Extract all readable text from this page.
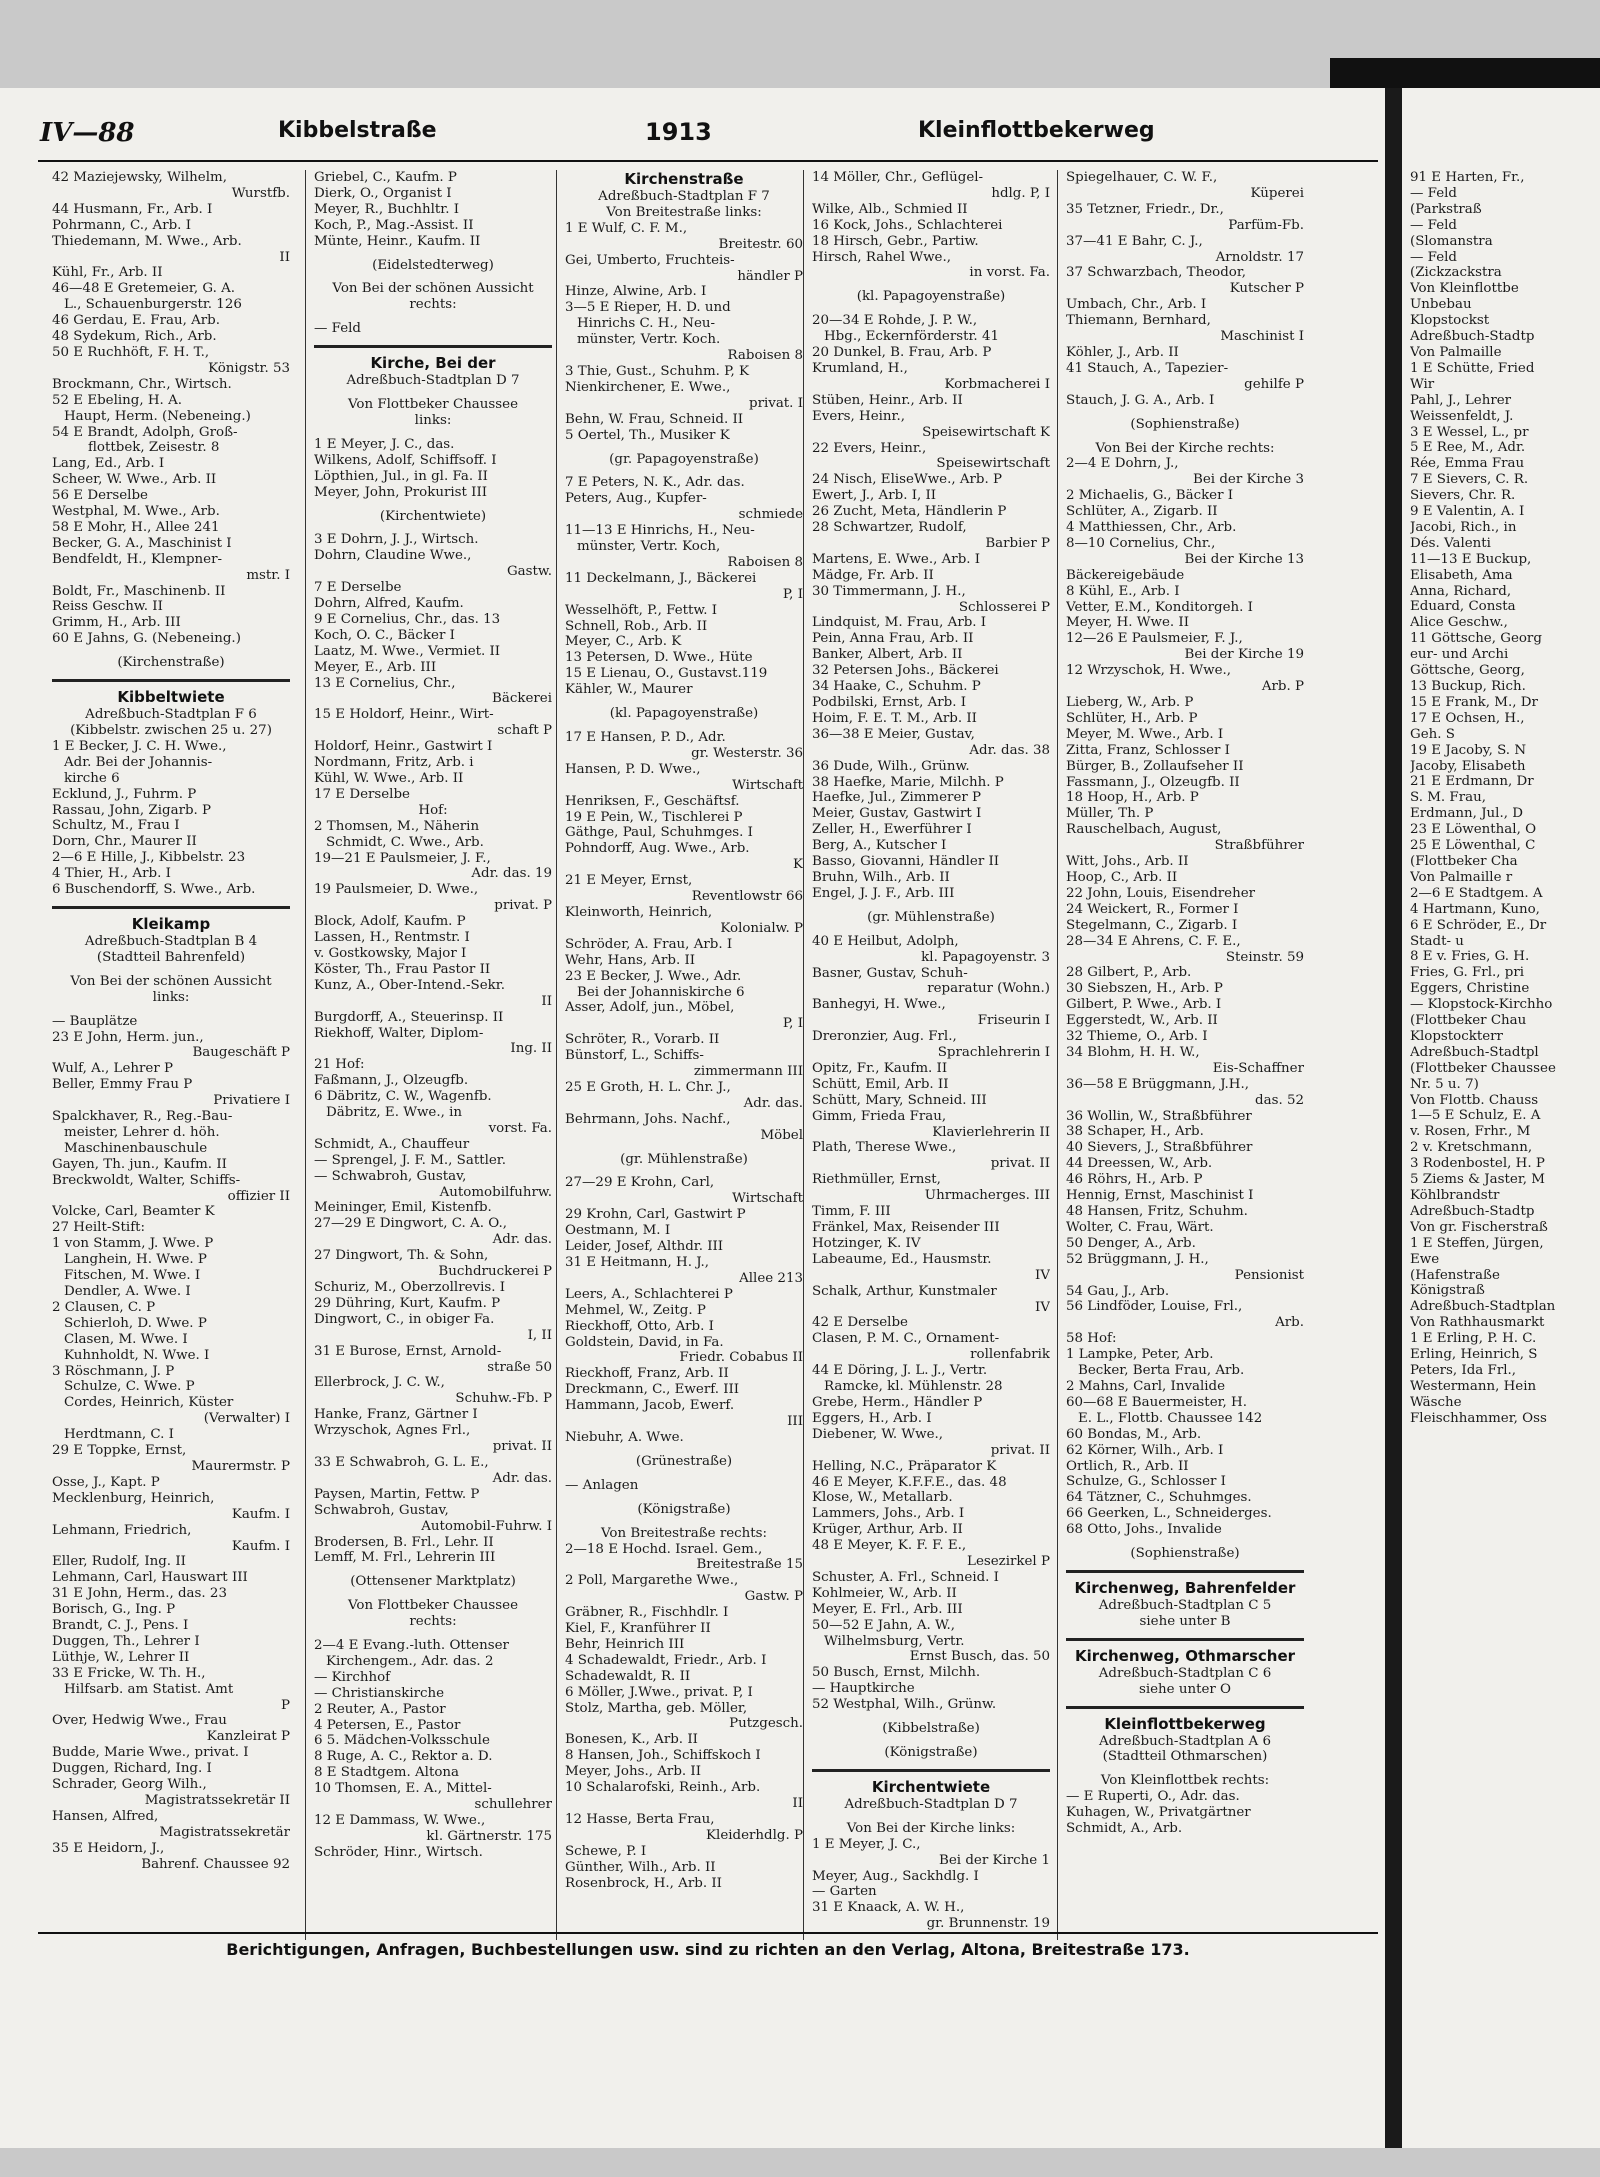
IV—88	Kibbelstraße	1913	Kleinflottbekerweg
42 Maziejewsky, Wilhelm,
Wurstfb.
44 Husmann, Fr., Arb. I
Pohrmann, C., Arb. I
Thiedemann, M. Wwe., Arb.
II
Kühl, Fr., Arb. II
46—48 E Gretemeier, G. A.
L., Schauenburgerstr. 126
46 Gerdau, E. Frau, Arb.
48 Sydekum, Rich., Arb.
50 E Ruchhöft, F. H. T.,
Königstr. 53
Brockmann, Chr., Wirtsch.
52 E Ebeling, H. A.
Haupt, Herm. (Nebeneing.)
54 E Brandt, Adolph, Groß-
flottbek, Zeisestr. 8
Lang, Ed., Arb. I
Scheer, W. Wwe., Arb. II
56 E Derselbe
Westphal, M. Wwe., Arb.
58 E Mohr, H., Allee 241
Becker, G. A., Maschinist I
Bendfeldt, H., Klempner-
mstr. I
Boldt, Fr., Maschinenb. II
Reiss Geschw. II
Grimm, H., Arb. III
60 E Jahns, G. (Nebeneing.)
(Kirchenstraße)
Kibbeltwiete
Adreßbuch-Stadtplan F 6
(Kibbelstr. zwischen 25 u. 27)
1 E Becker, J. C. H. Wwe.,
Adr. Bei der Johannis-
kirche 6
Ecklund, J., Fuhrm. P
Rassau, John, Zigarb. P
Schultz, M., Frau I
Dorn, Chr., Maurer II
2—6 E Hille, J., Kibbelstr. 23
4 Thier, H., Arb. I
6 Buschendorff, S. Wwe., Arb.
Kleikamp
Adreßbuch-Stadtplan B 4
(Stadtteil Bahrenfeld)
Von Bei der schönen Aussicht
links:
— Bauplätze
23 E John, Herm. jun.,
Baugeschäft P
Wulf, A., Lehrer P
Beller, Emmy Frau P
Privatiere I
Spalckhaver, R., Reg.-Bau-
meister, Lehrer d. höh.
Maschinenbauschule
Gayen, Th. jun., Kaufm. II
Breckwoldt, Walter, Schiffs-
offizier II
Volcke, Carl, Beamter K
27 Heilt-Stift:
1 von Stamm, J. Wwe. P
Langhein, H. Wwe. P
Fitschen, M. Wwe. I
Dendler, A. Wwe. I
2 Clausen, C. P
Schierloh, D. Wwe. P
Clasen, M. Wwe. I
Kuhnholdt, N. Wwe. I
3 Röschmann, J. P
Schulze, C. Wwe. P
Cordes, Heinrich, Küster
(Verwalter) I
Herdtmann, C. I
29 E Toppke, Ernst,
Maurermstr. P
Osse, J., Kapt. P
Mecklenburg, Heinrich,
Kaufm. I
Lehmann, Friedrich,
Kaufm. I
Eller, Rudolf, Ing. II
Lehmann, Carl, Hauswart III
31 E John, Herm., das. 23
Borisch, G., Ing. P
Brandt, C. J., Pens. I
Duggen, Th., Lehrer I
Lüthje, W., Lehrer II
33 E Fricke, W. Th. H.,
Hilfsarb. am Statist. Amt
P
Over, Hedwig Wwe., Frau
Kanzleirat P
Budde, Marie Wwe., privat. I
Duggen, Richard, Ing. I
Schrader, Georg Wilh.,
Magistratssekretär II
Hansen, Alfred,
Magistratssekretär
35 E Heidorn, J.,
Bahrenf. Chaussee 92
Griebel, C., Kaufm. P
Dierk, O., Organist I
Meyer, R., Buchhltr. I
Koch, P., Mag.-Assist. II
Münte, Heinr., Kaufm. II
(Eidelstedterweg)
Von Bei der schönen Aussicht
rechts:
— Feld
Kirche, Bei der
Adreßbuch-Stadtplan D 7
Von Flottbeker Chaussee
links:
1 E Meyer, J. C., das.
Wilkens, Adolf, Schiffsoff. I
Löpthien, Jul., in gl. Fa. II
Meyer, John, Prokurist III
(Kirchentwiete)
3 E Dohrn, J. J., Wirtsch.
Dohrn, Claudine Wwe.,
Gastw.
7 E Derselbe
Dohrn, Alfred, Kaufm.
9 E Cornelius, Chr., das. 13
Koch, O. C., Bäcker I
Laatz, M. Wwe., Vermiet. II
Meyer, E., Arb. III
13 E Cornelius, Chr.,
Bäckerei
15 E Holdorf, Heinr., Wirt-
schaft P
Holdorf, Heinr., Gastwirt I
Nordmann, Fritz, Arb. i
Kühl, W. Wwe., Arb. II
17 E Derselbe
Hof:
2 Thomsen, M., Näherin
Schmidt, C. Wwe., Arb.
19—21 E Paulsmeier, J. F.,
Adr. das. 19
19 Paulsmeier, D. Wwe.,
privat. P
Block, Adolf, Kaufm. P
Lassen, H., Rentmstr. I
v. Gostkowsky, Major I
Köster, Th., Frau Pastor II
Kunz, A., Ober-Intend.-Sekr.
II
Burgdorff, A., Steuerinsp. II
Riekhoff, Walter, Diplom-
Ing. II
21 Hof:
Faßmann, J., Ölzeugfb.
6 Däbritz, C. W., Wagenfb.
Däbritz, E. Wwe., in
vorst. Fa.
Schmidt, A., Chauffeur
— Sprengel, J. F. M., Sattler.
— Schwabroh, Gustav,
Automobilfuhrw.
Meininger, Emil, Kistenfb.
27—29 E Dingwort, C. A. O.,
Adr. das.
27 Dingwort, Th. & Sohn,
Buchdruckerei P
Schuriz, M., Oberzollrevis. I
29 Dühring, Kurt, Kaufm. P
Dingwort, C., in obiger Fa.
I, II
31 E Burose, Ernst, Arnold-
straße 50
Ellerbrock, J. C. W.,
Schuhw.-Fb. P
Hanke, Franz, Gärtner I
Wrzyschok, Agnes Frl.,
privat. II
33 E Schwabroh, G. L. E.,
Adr. das.
Paysen, Martin, Fettw. P
Schwabroh, Gustav,
Automobil-Fuhrw. I
Brodersen, B. Frl., Lehr. II
Lemff, M. Frl., Lehrerin III
(Ottensener Marktplatz)
Von Flottbeker Chaussee
rechts:
2—4 E Evang.-luth. Ottenser
Kirchengem., Adr. das. 2
— Kirchhof
— Christianskirche
2 Reuter, A., Pastor
4 Petersen, E., Pastor
6 5. Mädchen-Volksschule
8 Ruge, A. C., Rektor a. D.
8 E Stadtgem. Altona
10 Thomsen, E. A., Mittel-
schullehrer
12 E Dammass, W. Wwe.,
kl. Gärtnerstr. 175
Schröder, Hinr., Wirtsch.
Kirchenstraße
Adreßbuch-Stadtplan F 7
Von Breitestraße links:
1 E Wulf, C. F. M.,
Breitestr. 60
Gei, Umberto, Fruchteis-
händler P
Hinze, Alwine, Arb. I
3—5 E Rieper, H. D. und
Hinrichs C. H., Neu-
münster, Vertr. Koch.
Raboisen 8
3 Thie, Gust., Schuhm. P, K
Nienkirchener, E. Wwe.,
privat. I
Behn, W. Frau, Schneid. II
5 Oertel, Th., Musiker K
(gr. Papagoyenstraße)
7 E Peters, N. K., Adr. das.
Peters, Aug., Kupfer-
schmiede
11—13 E Hinrichs, H., Neu-
münster, Vertr. Koch,
Raboisen 8
11 Deckelmann, J., Bäckerei
P, I
Wesselhöft, P., Fettw. I
Schnell, Rob., Arb. II
Meyer, C., Arb. K
13 Petersen, D. Wwe., Hüte
15 E Lienau, O., Gustavst.119
Kähler, W., Maurer
(kl. Papagoyenstraße)
17 E Hansen, P. D., Adr.
gr. Westerstr. 36
Hansen, P. D. Wwe.,
Wirtschaft
Henriksen, F., Geschäftsf.
19 E Pein, W., Tischlerei P
Gäthge, Paul, Schuhmges. I
Pohndorff, Aug. Wwe., Arb.
K
21 E Meyer, Ernst,
Reventlowstr 66
Kleinworth, Heinrich,
Kolonialw. P
Schröder, A. Frau, Arb. I
Wehr, Hans, Arb. II
23 E Becker, J. Wwe., Adr.
Bei der Johanniskirche 6
Asser, Adolf, jun., Möbel,
P, I
Schröter, R., Vorarb. II
Bünstorf, L., Schiffs-
zimmermann III
25 E Groth, H. L. Chr. J.,
Adr. das.
Behrmann, Johs. Nachf.,
Möbel
(gr. Mühlenstraße)
27—29 E Krohn, Carl,
Wirtschaft
29 Krohn, Carl, Gastwirt P
Oestmann, M. I
Leider, Josef, Althdr. III
31 E Heitmann, H. J.,
Allee 213
Leers, A., Schlachterei P
Mehmel, W., Zeitg. P
Rieckhoff, Otto, Arb. I
Goldstein, David, in Fa.
Friedr. Cobabus II
Rieckhoff, Franz, Arb. II
Dreckmann, C., Ewerf. III
Hammann, Jacob, Ewerf.
III
Niebuhr, A. Wwe.
(Grünestraße)
— Anlagen
(Königstraße)
Von Breitestraße rechts:
2—18 E Hochd. Israel. Gem.,
Breitestraße 15
2 Poll, Margarethe Wwe.,
Gastw. P
Gräbner, R., Fischhdlr. I
Kiel, F., Kranführer II
Behr, Heinrich III
4 Schadewaldt, Friedr., Arb. I
Schadewaldt, R. II
6 Möller, J.Wwe., privat. P, I
Stolz, Martha, geb. Möller,
Putzgesch.
Bonesen, K., Arb. II
8 Hansen, Joh., Schiffskoch I
Meyer, Johs., Arb. II
10 Schalarofski, Reinh., Arb.
II
12 Hasse, Berta Frau,
Kleiderhdlg. P
Schewe, P. I
Günther, Wilh., Arb. II
Rosenbrock, H., Arb. II
14 Möller, Chr., Geflügel-
hdlg. P, I
Wilke, Alb., Schmied II
16 Kock, Johs., Schlachterei
18 Hirsch, Gebr., Partiw.
Hirsch, Rahel Wwe.,
in vorst. Fa.
(kl. Papagoyenstraße)
20—34 E Rohde, J. P. W.,
Hbg., Eckernförderstr. 41
20 Dunkel, B. Frau, Arb. P
Krumland, H.,
Korbmacherei I
Stüben, Heinr., Arb. II
Evers, Heinr.,
Speisewirtschaft K
22 Evers, Heinr.,
Speisewirtschaft
24 Nisch, EliseWwe., Arb. P
Ewert, J., Arb. I, II
26 Zucht, Meta, Händlerin P
28 Schwartzer, Rudolf,
Barbier P
Martens, E. Wwe., Arb. I
Mädge, Fr. Arb. II
30 Timmermann, J. H.,
Schlosserei P
Lindquist, M. Frau, Arb. I
Pein, Anna Frau, Arb. II
Banker, Albert, Arb. II
32 Petersen Johs., Bäckerei
34 Haake, C., Schuhm. P
Podbilski, Ernst, Arb. I
Hoim, F. E. T. M., Arb. II
36—38 E Meier, Gustav,
Adr. das. 38
36 Dude, Wilh., Grünw.
38 Haefke, Marie, Milchh. P
Haefke, Jul., Zimmerer P
Meier, Gustav, Gastwirt I
Zeller, H., Ewerführer I
Berg, A., Kutscher I
Basso, Giovanni, Händler II
Bruhn, Wilh., Arb. II
Engel, J. J. F., Arb. III
(gr. Mühlenstraße)
40 E Heilbut, Adolph,
kl. Papagoyenstr. 3
Basner, Gustav, Schuh-
reparatur (Wohn.)
Banhegyi, H. Wwe.,
Friseurin I
Dreronzier, Aug. Frl.,
Sprachlehrerin I
Opitz, Fr., Kaufm. II
Schütt, Emil, Arb. II
Schütt, Mary, Schneid. III
Gimm, Frieda Frau,
Klavierlehrerin II
Plath, Therese Wwe.,
privat. II
Riethmüller, Ernst,
Uhrmacherges. III
Timm, F. III
Fränkel, Max, Reisender III
Hotzinger, K. IV
Labeaume, Ed., Hausmstr.
IV
Schalk, Arthur, Kunstmaler
IV
42 E Derselbe
Clasen, P. M. C., Ornament-
rollenfabrik
44 E Döring, J. L. J., Vertr.
Ramcke, kl. Mühlenstr. 28
Grebe, Herm., Händler P
Eggers, H., Arb. I
Diebener, W. Wwe.,
privat. II
Helling, N.C., Präparator K
46 E Meyer, K.F.F.E., das. 48
Klose, W., Metallarb.
Lammers, Johs., Arb. I
Krüger, Arthur, Arb. II
48 E Meyer, K. F. F. E.,
Lesezirkel P
Schuster, A. Frl., Schneid. I
Kohlmeier, W., Arb. II
Meyer, E. Frl., Arb. III
50—52 E Jahn, A. W.,
Wilhelmsburg, Vertr.
Ernst Busch, das. 50
50 Busch, Ernst, Milchh.
— Hauptkirche
52 Westphal, Wilh., Grünw.
(Kibbelstraße)
(Königstraße)
Kirchentwiete
Adreßbuch-Stadtplan D 7
Von Bei der Kirche links:
1 E Meyer, J. C.,
Bei der Kirche 1
Meyer, Aug., Sackhdlg. I
— Garten
31 E Knaack, A. W. H.,
gr. Brunnenstr. 19
Spiegelhauer, C. W. F.,
Küperei
35 Tetzner, Friedr., Dr.,
Parfüm-Fb.
37—41 E Bahr, C. J.,
Arnoldstr. 17
37 Schwarzbach, Theodor,
Kutscher P
Umbach, Chr., Arb. I
Thiemann, Bernhard,
Maschinist I
Köhler, J., Arb. II
41 Stauch, A., Tapezier-
gehilfe P
Stauch, J. G. A., Arb. I
(Sophienstraße)
Von Bei der Kirche rechts:
2—4 E Dohrn, J.,
Bei der Kirche 3
2 Michaelis, G., Bäcker I
Schlüter, A., Zigarb. II
4 Matthiessen, Chr., Arb.
8—10 Cornelius, Chr.,
Bei der Kirche 13
Bäckereigebäude
8 Kühl, E., Arb. I
Vetter, E.M., Konditorgeh. I
Meyer, H. Wwe. II
12—26 E Paulsmeier, F. J.,
Bei der Kirche 19
12 Wrzyschok, H. Wwe.,
Arb. P
Lieberg, W., Arb. P
Schlüter, H., Arb. P
Meyer, M. Wwe., Arb. I
Zitta, Franz, Schlosser I
Bürger, B., Zollaufseher II
Fassmann, J., Ölzeugfb. II
18 Hoop, H., Arb. P
Müller, Th. P
Rauschelbach, August,
Straßbführer
Witt, Johs., Arb. II
Hoop, C., Arb. II
22 John, Louis, Eisendreher
24 Weickert, R., Former I
Stegelmann, C., Zigarb. I
28—34 E Ahrens, C. F. E.,
Steinstr. 59
28 Gilbert, P., Arb.
30 Siebszen, H., Arb. P
Gilbert, P. Wwe., Arb. I
Eggerstedt, W., Arb. II
32 Thieme, O., Arb. I
34 Blohm, H. H. W.,
Eis-Schaffner
36—58 E Brüggmann, J.H.,
das. 52
36 Wollin, W., Straßbführer
38 Schaper, H., Arb.
40 Sievers, J., Straßbführer
44 Dreessen, W., Arb.
46 Röhrs, H., Arb. P
Hennig, Ernst, Maschinist I
48 Hansen, Fritz, Schuhm.
Wolter, C. Frau, Wärt.
50 Denger, A., Arb.
52 Brüggmann, J. H.,
Pensionist
54 Gau, J., Arb.
56 Lindföder, Louise, Frl.,
Arb.
58 Hof:
1 Lampke, Peter, Arb.
Becker, Berta Frau, Arb.
2 Mahns, Carl, Invalide
60—68 E Bauermeister, H.
E. L., Flottb. Chaussee 142
60 Bondas, M., Arb.
62 Körner, Wilh., Arb. I
Ortlich, R., Arb. II
Schulze, G., Schlosser I
64 Tätzner, C., Schuhmges.
66 Geerken, L., Schneiderges.
68 Otto, Johs., Invalide
(Sophienstraße)
Kirchenweg, Bahrenfelder
Adreßbuch-Stadtplan C 5
siehe unter B
Kirchenweg, Othmarscher
Adreßbuch-Stadtplan C 6
siehe unter O
Kleinflottbekerweg
Adreßbuch-Stadtplan A 6
(Stadtteil Othmarschen)
Von Kleinflottbek rechts:
— E Ruperti, O., Adr. das.
Kuhagen, W., Privatgärtner
Schmidt, A., Arb.
91 E Harten, Fr.,
— Feld
(Parkstraß
— Feld
(Slomanstra
— Feld
(Zickzackstra
Von Kleinflottbe
Unbebau
Klopstockst
Adreßbuch-Stadtp
Von Palmaille
1 E Schütte, Fried
Wir
Pahl, J., Lehrer
Weissenfeldt, J.
3 E Wessel, L., pr
5 E Ree, M., Adr.
Rée, Emma Frau
7 E Sievers, C. R.
Sievers, Chr. R.
9 E Valentin, A. I
Jacobi, Rich., in
Dés. Valenti
11—13 E Buckup,
Elisabeth, Ama
Anna, Richard,
Eduard, Consta
Alice Geschw.,
11 Göttsche, Georg
eur- und Archi
Göttsche, Georg,
13 Buckup, Rich.
15 E Frank, M., Dr
17 E Ochsen, H.,
Geh. S
19 E Jacoby, S. N
Jacoby, Elisabeth
21 E Erdmann, Dr
S. M. Frau,
Erdmann, Jul., D
23 E Löwenthal, O
25 E Löwenthal, C
(Flottbeker Cha
Von Palmaille r
2—6 E Stadtgem. A
4 Hartmann, Kuno,
6 E Schröder, E., Dr
Stadt- u
8 E v. Fries, G. H.
Fries, G. Frl., pri
Eggers, Christine
— Klopstock-Kirchho
(Flottbeker Chau
Klopstockterr
Adreßbuch-Stadtpl
(Flottbeker Chaussee
Nr. 5 u. 7)
Von Flottb. Chauss
1—5 E Schulz, E. A
v. Rosen, Frhr., M
2 v. Kretschmann,
3 Rodenbostel, H. P
5 Ziems & Jaster, M
Köhlbrandstr
Adreßbuch-Stadtp
Von gr. Fischerstraß
1 E Steffen, Jürgen,
Ewe
(Hafenstraße
Königstraß
Adreßbuch-Stadtplan
Von Rathhausmarkt
1 E Erling, P. H. C.
Erling, Heinrich, S
Peters, Ida Frl.,
Westermann, Hein
Wäsche
Fleischhammer, Oss
Berichtigungen, Anfragen, Buchbestellungen usw. sind zu richten an den Verlag, Altona, Breitestraße 173.
